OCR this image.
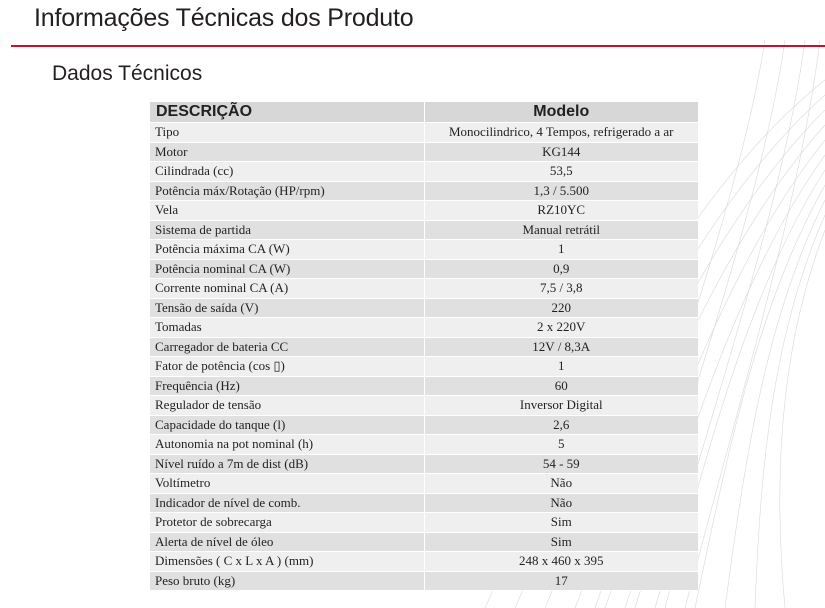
Informações Técnicas dos Produto
Dados Técnicos
DESCRIÇÃO	Modelo
Tipo	Monocilindrico, 4 Tempos, refrigerado a ar
Motor	KG144
Cilindrada (cc)	53,5
Potência máx/Rotação (HP/rpm)	1,3 / 5.500
Vela	RZ10YC
Sistema de partida	Manual retrátil
Potência máxima CA (W)	1
Potência nominal CA (W)	0,9
Corrente nominal CA (A)	7,5 / 3,8
Tensão de saída (V)	220
Tomadas	2 x 220V
Carregador de bateria CC	12V / 8,3A
Fator de potência (cos ▯)	1
Frequência (Hz)	60
Regulador de tensão	Inversor Digital
Capacidade do tanque (l)	2,6
Autonomia na pot nominal (h)	5
Nível ruído a 7m de dist (dB)	54 - 59
Voltímetro	Não
Indicador de nível de comb.	Não
Protetor de sobrecarga	Sim
Alerta de nível de óleo	Sim
Dimensões ( C x L x A ) (mm)	248 x 460 x 395
Peso bruto (kg)	17
